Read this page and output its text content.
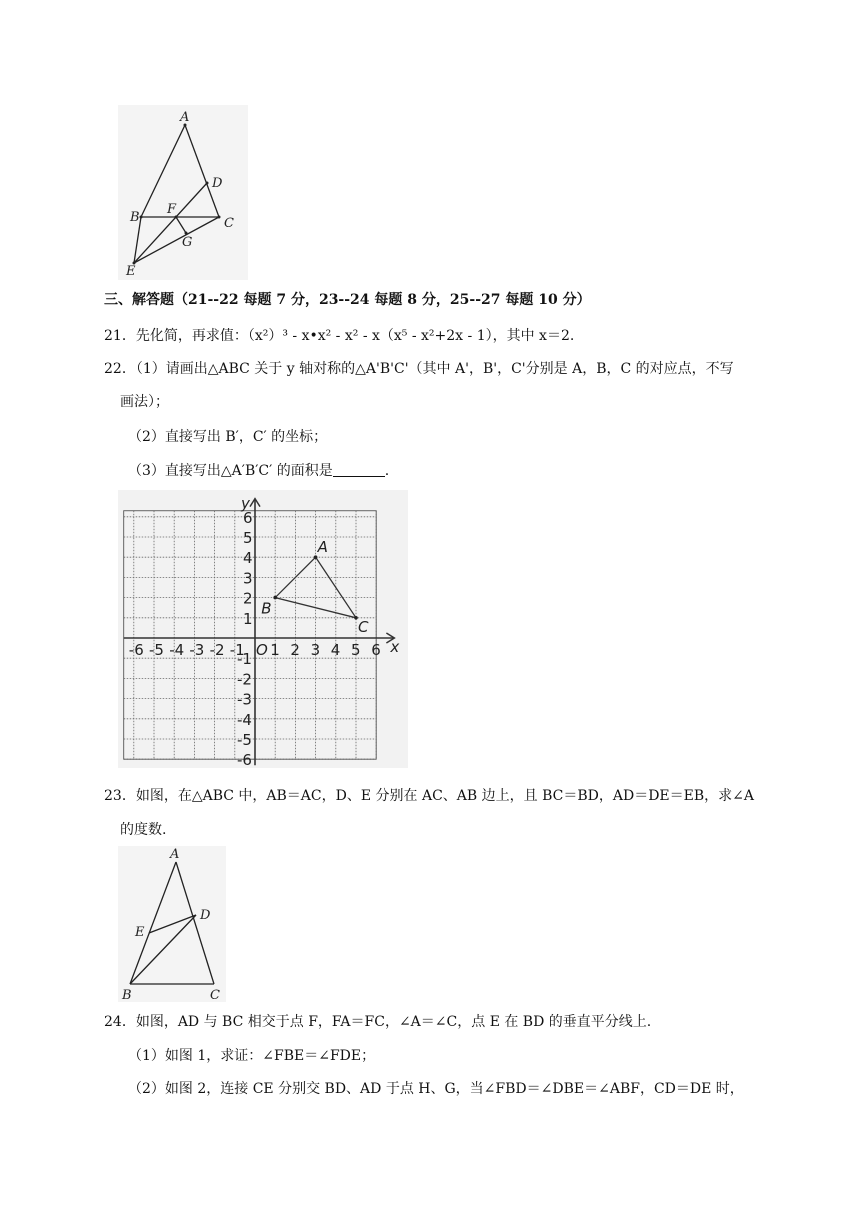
A
D
B
F
C
G
E
三、解答题（21--22 每题 7 分，23--24 每题 8 分，25--27 每题 10 分）
21．先化简，再求值：（x²）³ - x•x² - x² - x（x⁵ - x²+2x - 1），其中 x＝2.
22．（1）请画出△ABC 关于 y 轴对称的△A'B'C'（其中 A'，B'，C'分别是 A，B，C 的对应点，不写
画法）；
（2）直接写出 B′，C′ 的坐标；
（3）直接写出△A′B′C′ 的面积是	.
-6 -5 -4 -3 -2 -1 1 2 3 4 5 6
6
5
4
3
2
1
-1
-2
-3
-4
-5
-6
A
B
C
x
y
O
23．如图，在△ABC 中，AB＝AC，D、E 分别在 AC、AB 边上，且 BC＝BD，AD＝DE＝EB，求∠A
的度数.
A
D
E
B	C
24．如图，AD 与 BC 相交于点 F，FA＝FC，∠A＝∠C，点 E 在 BD 的垂直平分线上.
（1）如图 1，求证：∠FBE＝∠FDE；
（2）如图 2，连接 CE 分别交 BD、AD 于点 H、G，当∠FBD＝∠DBE＝∠ABF，CD＝DE 时，
